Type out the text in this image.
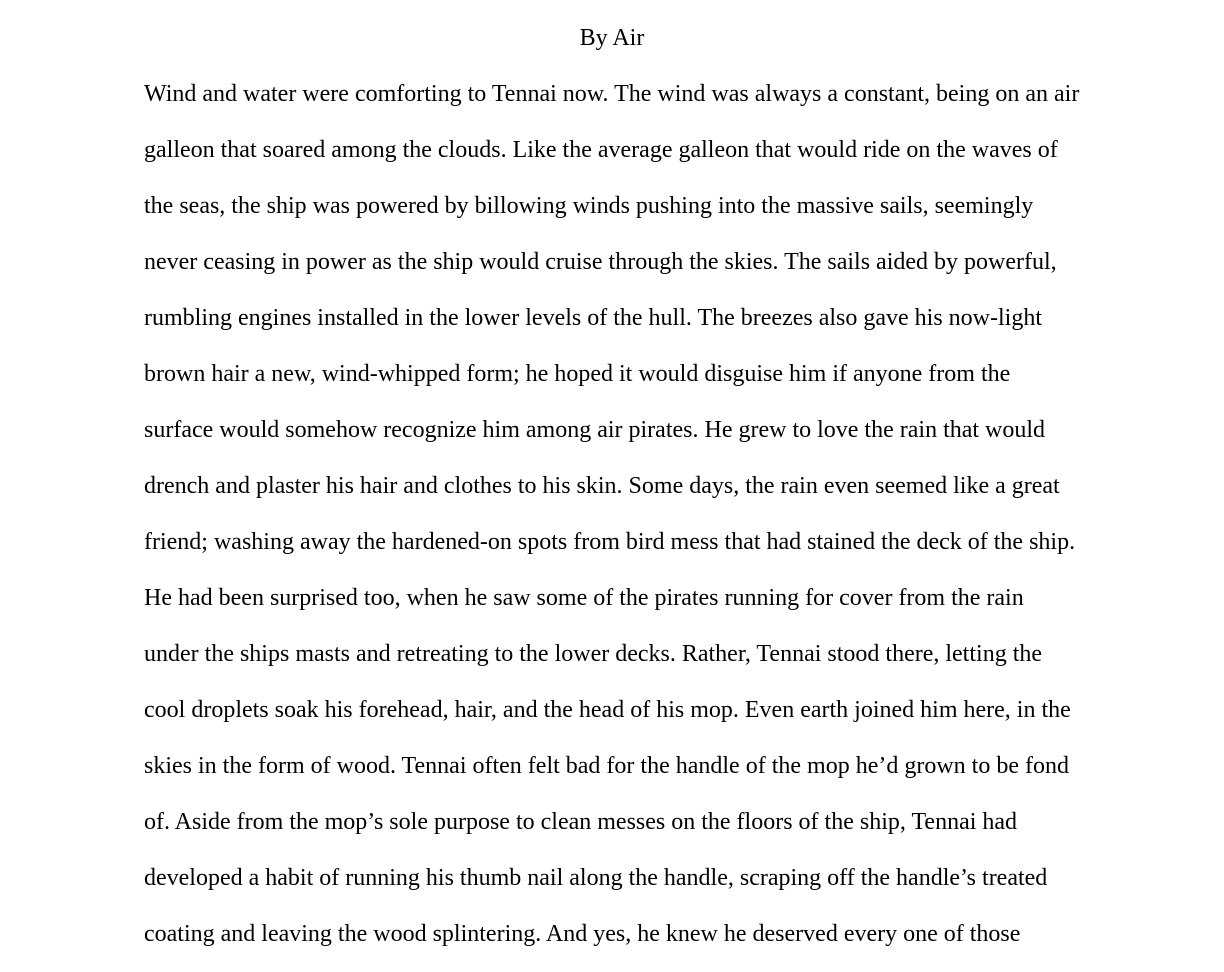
By Air
Wind and water were comforting to Tennai now. The wind was always a constant, being on an air
galleon that soared among the clouds. Like the average galleon that would ride on the waves of
the seas, the ship was powered by billowing winds pushing into the massive sails, seemingly
never ceasing in power as the ship would cruise through the skies. The sails aided by powerful,
rumbling engines installed in the lower levels of the hull. The breezes also gave his now-light
brown hair a new, wind-whipped form; he hoped it would disguise him if anyone from the
surface would somehow recognize him among air pirates. He grew to love the rain that would
drench and plaster his hair and clothes to his skin. Some days, the rain even seemed like a great
friend; washing away the hardened-on spots from bird mess that had stained the deck of the ship.
He had been surprised too, when he saw some of the pirates running for cover from the rain
under the ships masts and retreating to the lower decks. Rather, Tennai stood there, letting the
cool droplets soak his forehead, hair, and the head of his mop. Even earth joined him here, in the
skies in the form of wood. Tennai often felt bad for the handle of the mop he’d grown to be fond
of. Aside from the mop’s sole purpose to clean messes on the floors of the ship, Tennai had
developed a habit of running his thumb nail along the handle, scraping off the handle’s treated
coating and leaving the wood splintering. And yes, he knew he deserved every one of those
